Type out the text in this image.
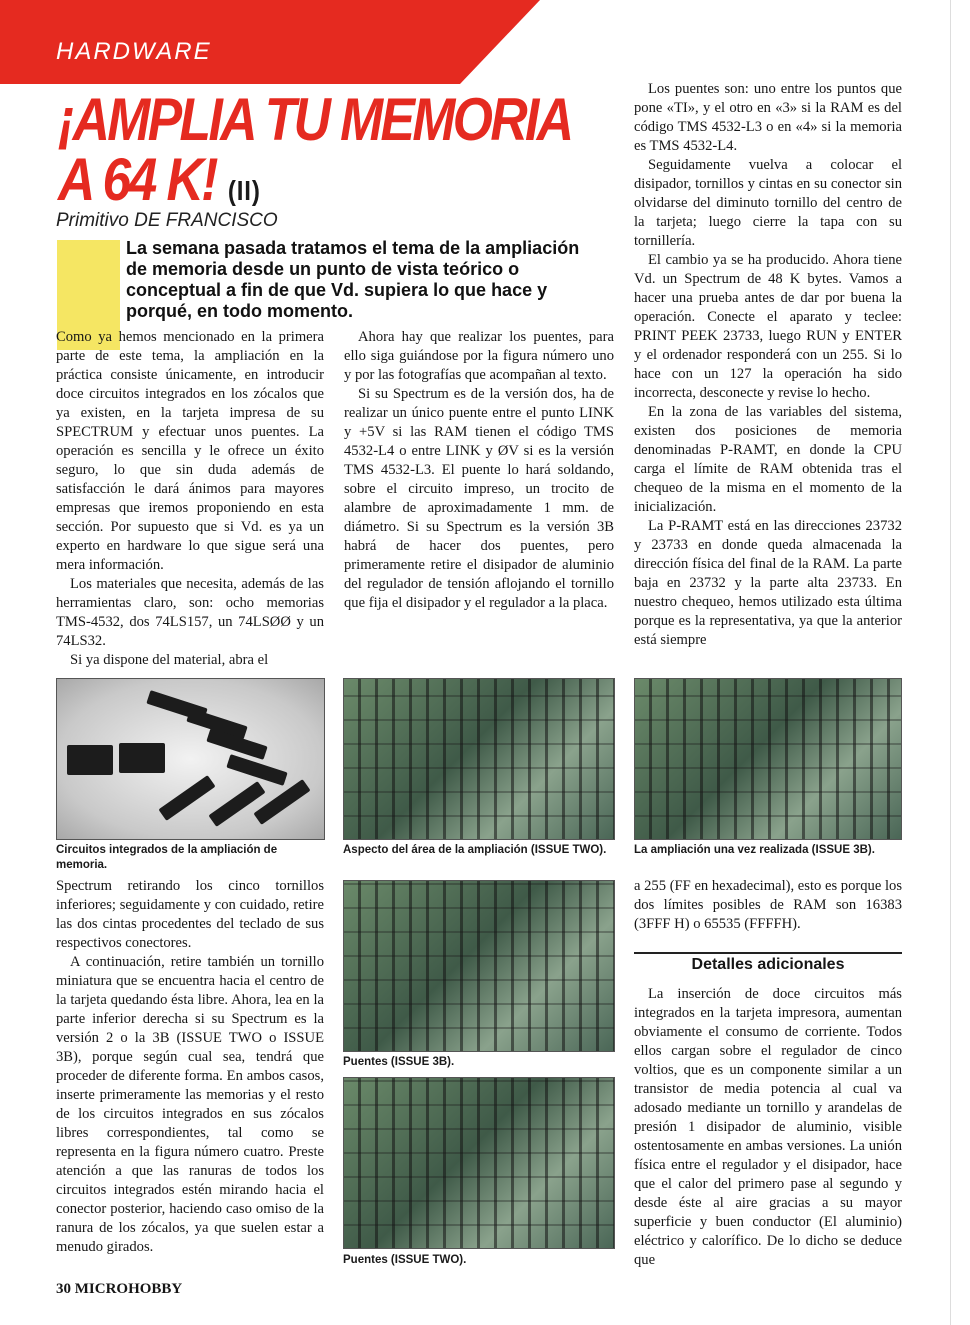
HARDWARE
¡AMPLIA TU MEMORIA
A 64 K! (II)
Primitivo DE FRANCISCO
La semana pasada tratamos el tema de la ampliación de memoria desde un punto de vista teórico o conceptual a fin de que Vd. supiera lo que hace y porqué, en todo momento.

Como ya hemos mencionado en la primera parte de este tema, la ampliación en la práctica consiste únicamente, en introducir doce circuitos integrados en los zócalos que ya existen, en la tarjeta impresa de su SPECTRUM y efectuar unos puentes. La operación es sencilla y le ofrece un éxito seguro, lo que sin duda además de satisfacción le dará ánimos para mayores empresas que iremos proponiendo en esta sección. Por supuesto que si Vd. es ya un experto en hardware lo que sigue será una mera información.

Los materiales que necesita, además de las herramientas claro, son: ocho memorias TMS-4532, dos 74LS157, un 74LSØØ y un 74LS32.

Si ya dispone del material, abra el

Ahora hay que realizar los puentes, para ello siga guiándose por la figura número uno y por las fotografías que acompañan al texto.

Si su Spectrum es de la versión dos, ha de realizar un único puente entre el punto LINK y +5V si las RAM tienen el código TMS 4532-L4 o entre LINK y ØV si es la versión TMS 4532-L3. El puente lo hará soldando, sobre el circuito impreso, un trocito de alambre de aproximadamente 1 mm. de diámetro. Si su Spectrum es la versión 3B habrá de hacer dos puentes, pero primeramente retire el disipador de aluminio del regulador de tensión aflojando el tornillo que fija el disipador y el regulador a la placa.

Los puentes son: uno entre los puntos que pone «TI», y el otro en «3» si la RAM es del código TMS 4532-L3 o en «4» si la memoria es TMS 4532-L4.

Seguidamente vuelva a colocar el disipador, tornillos y cintas en su conector sin olvidarse del diminuto tornillo del centro de la tarjeta; luego cierre la tapa con su tornillería.

El cambio ya se ha producido. Ahora tiene Vd. un Spectrum de 48 K bytes. Vamos a hacer una prueba antes de dar por buena la operación. Conecte el aparato y teclee: PRINT PEEK 23733, luego RUN y ENTER y el ordenador responderá con un 255. Si lo hace con un 127 la operación ha sido incorrecta, desconecte y revise lo hecho.

En la zona de las variables del sistema, existen dos posiciones de memoria denominadas P-RAMT, en donde la CPU carga el límite de RAM obtenida tras el chequeo de la misma en el momento de la inicialización.

La P-RAMT está en las direcciones 23732 y 23733 en donde queda almacenada la dirección física del final de la RAM. La parte baja en 23732 y la parte alta 23733. En nuestro chequeo, hemos utilizado esta última porque es la representativa, ya que la anterior está siempre

Circuitos integrados de la ampliación de memoria.
Aspecto del área de la ampliación (ISSUE TWO).	La ampliación una vez realizada (ISSUE 3B).

Spectrum retirando los cinco tornillos inferiores; seguidamente y con cuidado, retire las dos cintas procedentes del teclado de sus respectivos conectores.

A continuación, retire también un tornillo miniatura que se encuentra hacia el centro de la tarjeta quedando ésta libre. Ahora, lea en la parte inferior derecha si su Spectrum es la versión 2 o la 3B (ISSUE TWO o ISSUE 3B), porque según cual sea, tendrá que proceder de diferente forma. En ambos casos, inserte primeramente las memorias y el resto de los circuitos integrados en sus zócalos libres correspondientes, tal como se representa en la figura número cuatro. Preste atención a que las ranuras de todos los circuitos integrados estén mirando hacia el conector posterior, haciendo caso omiso de la ranura de los zócalos, ya que suelen estar a menudo girados.

Puentes (ISSUE 3B).
Puentes (ISSUE TWO).

a 255 (FF en hexadecimal), esto es porque los dos límites posibles de RAM son 16383 (3FFF H) o 65535 (FFFFH).

Detalles adicionales

La inserción de doce circuitos más integrados en la tarjeta impresora, aumentan obviamente el consumo de corriente. Todos ellos cargan sobre el regulador de cinco voltios, que es un componente similar a un transistor de media potencia al cual va adosado mediante un tornillo y arandelas de presión 1 disipador de aluminio, visible ostentosamente en ambas versiones. La unión física entre el regulador y el disipador, hace que el calor del primero pase al segundo y desde éste al aire gracias a su mayor superficie y buen conductor (El aluminio) eléctrico y calorífico. De lo dicho se deduce que

30 MICROHOBBY
